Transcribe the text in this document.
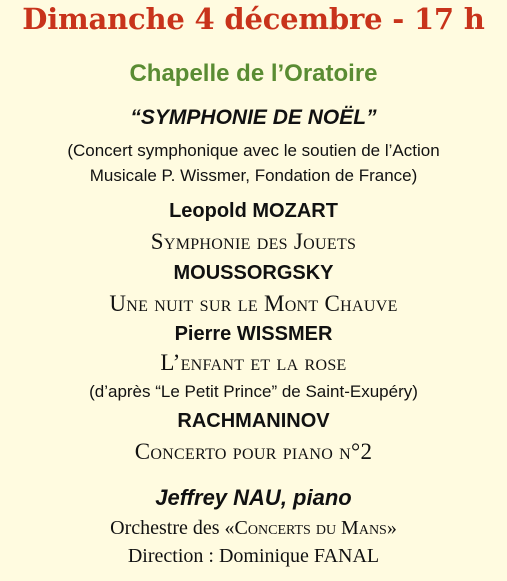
Dimanche 4 décembre - 17 h
Chapelle de l’Oratoire
“SYMPHONIE DE NOËL”
(Concert symphonique avec le soutien de l’Action
Musicale P. Wissmer, Fondation de France)
Leopold MOZART
Symphonie des Jouets
MOUSSORGSKY
Une nuit sur le Mont Chauve
Pierre WISSMER
L’enfant et la rose
(d’après “Le Petit Prince” de Saint-Exupéry)
RACHMANINOV
Concerto pour piano n°2
Jeffrey NAU, piano
Orchestre des «Concerts du Mans»
Direction : Dominique FANAL
